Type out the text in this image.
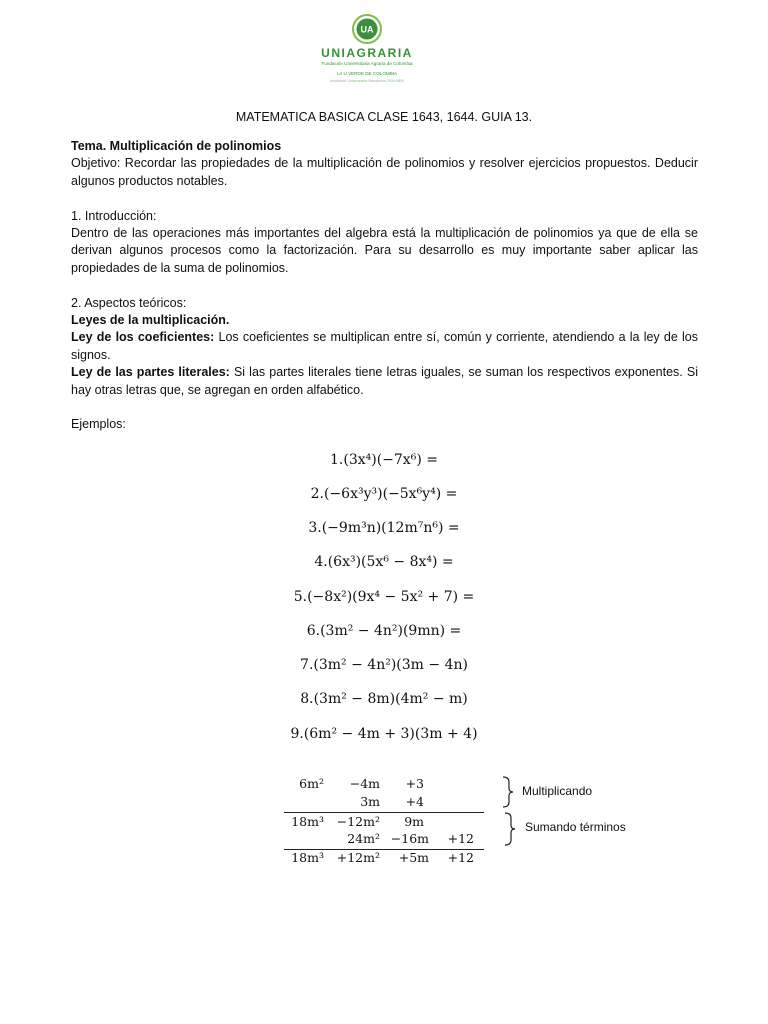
UA
UNIAGRARIA
Fundación Universitaria Agraria de Colombia
LA U VERDE DE COLOMBIA
Institución Universitaria Resolución 2039 MEN
MATEMATICA BASICA CLASE 1643, 1644. GUIA 13.

Tema. Multiplicación de polinomios

Objetivo: Recordar las propiedades de la multiplicación de polinomios y resolver ejercicios propuestos. Deducir algunos productos notables.

1. Introducción:

Dentro de las operaciones más importantes del algebra está la multiplicación de polinomios ya que de ella se derivan algunos procesos como la factorización. Para su desarrollo es muy importante saber aplicar las propiedades de la suma de polinomios.

2. Aspectos teóricos:

Leyes de la multiplicación.

Ley de los coeficientes: Los coeficientes se multiplican entre sí, común y corriente, atendiendo a la ley de los signos.

Ley de las partes literales: Si las partes literales tiene letras iguales, se suman los respectivos exponentes. Si hay otras letras que, se agregan en orden alfabético.

Ejemplos:

1.(3x⁴)(−7x⁶) =
2.(−6x³y³)(−5x⁶y⁴) =
3.(−9m³n)(12m⁷n⁶) =
4.(6x³)(5x⁶ − 8x⁴) =
5.(−8x²)(9x⁴ − 5x² + 7) =
6.(3m² − 4n²)(9mn) =
7.(3m² − 4n²)(3m − 4n)
8.(3m² − 8m)(4m² − m)
9.(6m² − 4m + 3)(3m + 4)
6m² −4m +3
3m +4
18m³ −12m² 9m
24m² −16m +12
18m³ +12m² +5m +12
Multiplicando
Sumando términos
